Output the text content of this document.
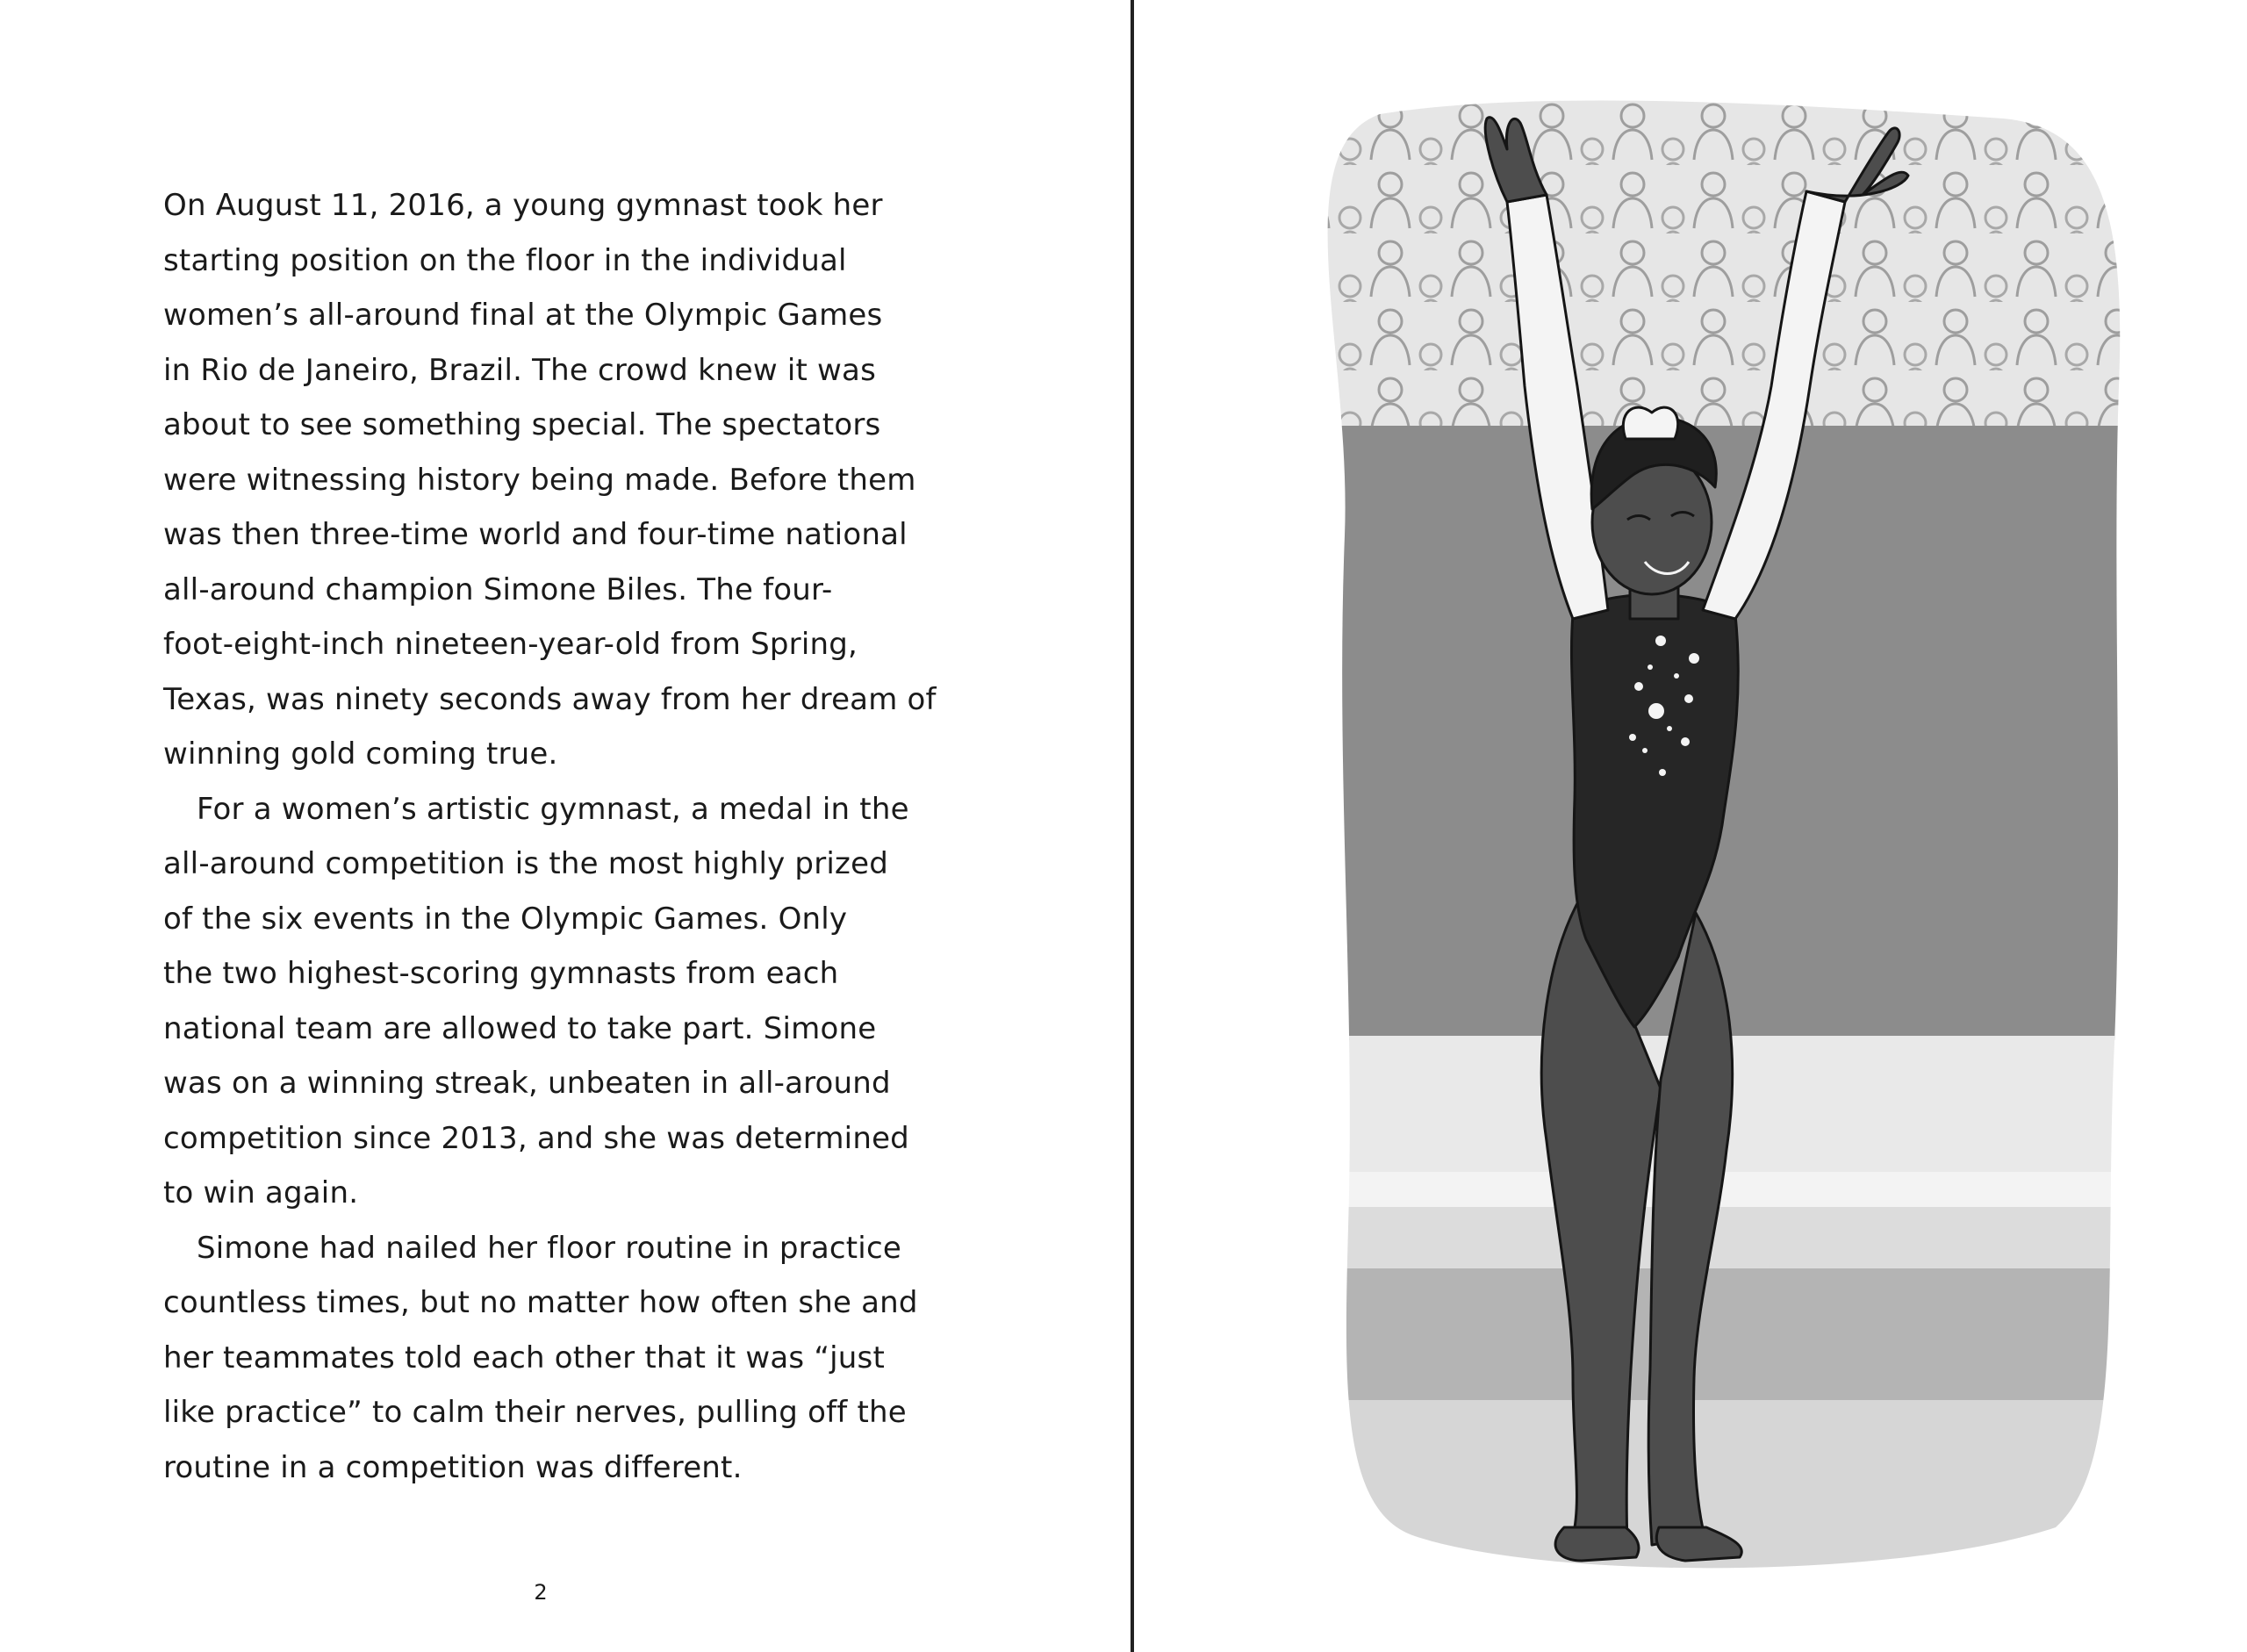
On August 11, 2016, a young gymnast took her
starting position on the floor in the individual
women’s all-around final at the Olympic Games
in Rio de Janeiro, Brazil. The crowd knew it was
about to see something special. The spectators
were witnessing history being made. Before them
was then three-time world and four-time national
all-around champion Simone Biles. The four-
foot-eight-inch nineteen-year-old from Spring,
Texas, was ninety seconds away from her dream of
winning gold coming true.
For a women’s artistic gymnast, a medal in the
all-around competition is the most highly prized
of the six events in the Olympic Games. Only
the two highest-scoring gymnasts from each
national team are allowed to take part. Simone
was on a winning streak, unbeaten in all-around
competition since 2013, and she was determined
to win again.
Simone had nailed her floor routine in practice
countless times, but no matter how often she and
her teammates told each other that it was “just
like practice” to calm their nerves, pulling off the
routine in a competition was different.
2
